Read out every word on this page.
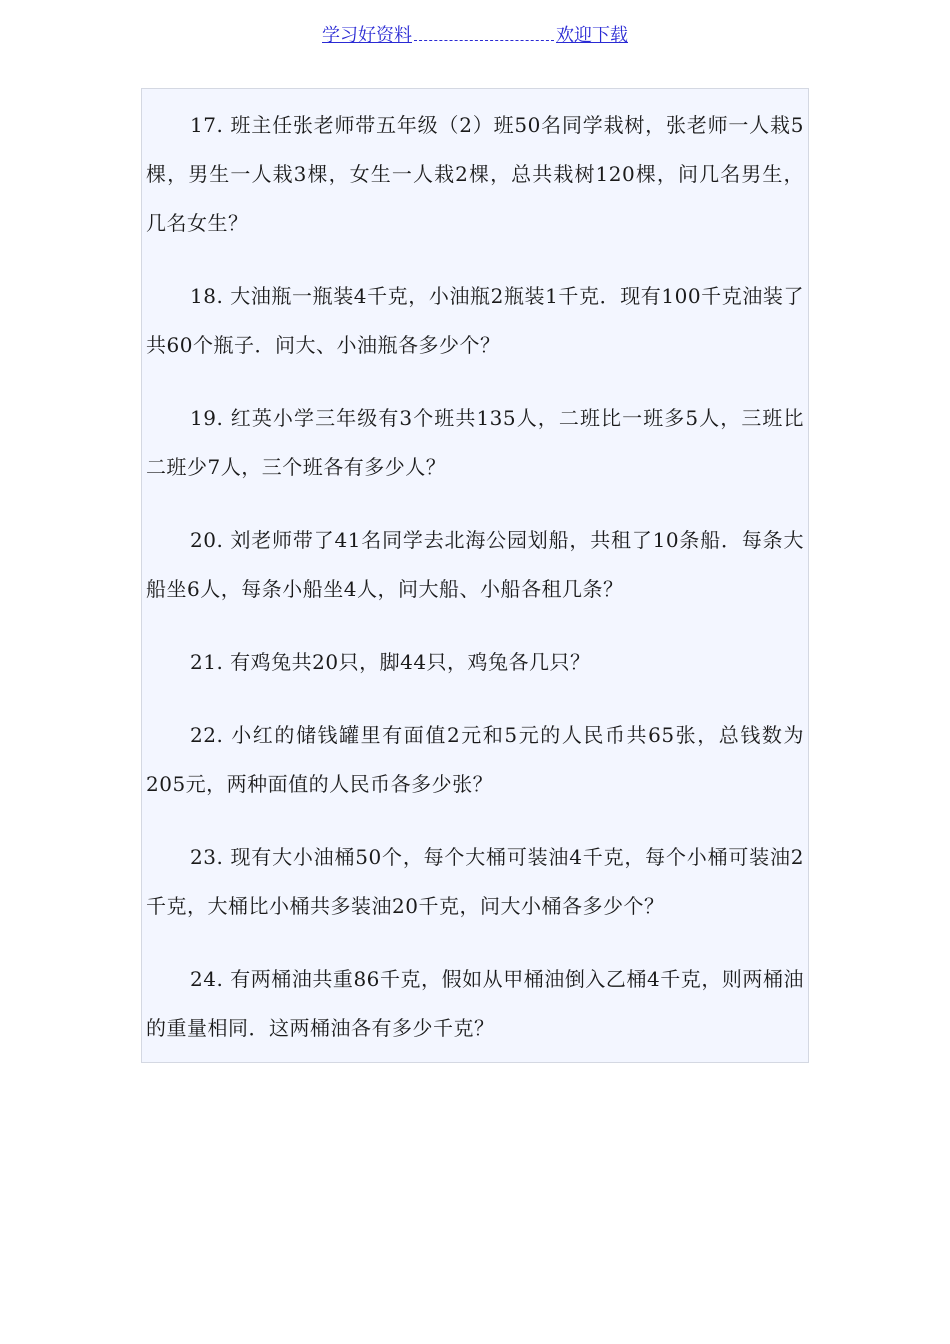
学习好资料	欢迎下载

17. 班主任张老师带五年级（2）班50名同学栽树，张老师一人栽5棵，男生一人栽3棵，女生一人栽2棵，总共栽树120棵，问几名男生，几名女生？

18. 大油瓶一瓶装4千克，小油瓶2瓶装1千克．现有100千克油装了共60个瓶子．问大、小油瓶各多少个？

19. 红英小学三年级有3个班共135人，二班比一班多5人，三班比二班少7人，三个班各有多少人？

20. 刘老师带了41名同学去北海公园划船，共租了10条船．每条大船坐6人，每条小船坐4人，问大船、小船各租几条？

21. 有鸡兔共20只，脚44只，鸡兔各几只？

22. 小红的储钱罐里有面值2元和5元的人民币共65张，总钱数为205元，两种面值的人民币各多少张？

23. 现有大小油桶50个，每个大桶可装油4千克，每个小桶可装油2千克，大桶比小桶共多装油20千克，问大小桶各多少个？

24. 有两桶油共重86千克，假如从甲桶油倒入乙桶4千克，则两桶油的重量相同．这两桶油各有多少千克？
